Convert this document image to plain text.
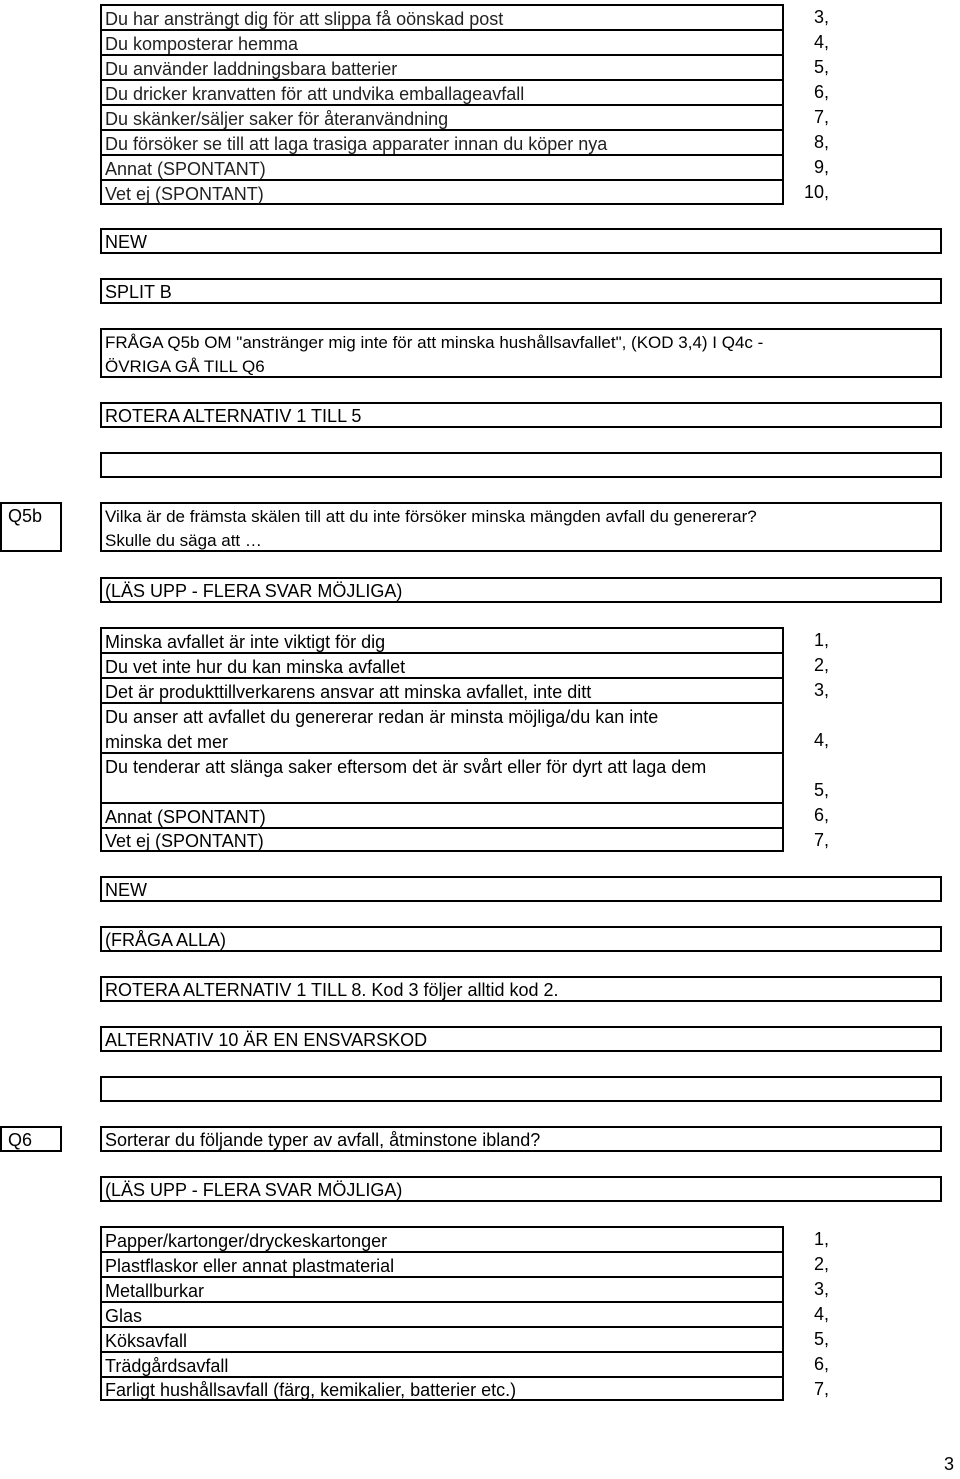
Du har ansträngt dig för att slippa få oönskad post
Du komposterar hemma
Du använder laddningsbara batterier
Du dricker kranvatten för att undvika emballageavfall
Du skänker/säljer saker för återanvändning
Du försöker se till att laga trasiga apparater innan du köper nya
Annat (SPONTANT)
Vet ej (SPONTANT)
3,
4,
5,
6,
7,
8,
9,
10,
NEW
SPLIT B
FRÅGA Q5b OM "anstränger mig inte för att minska hushållsavfallet", (KOD 3,4) I Q4c -
ÖVRIGA GÅ TILL Q6
ROTERA ALTERNATIV 1 TILL 5
Q5b	Vilka är de främsta skälen till att du inte försöker minska mängden avfall du genererar?
Skulle du säga att …
(LÄS UPP - FLERA SVAR MÖJLIGA)
Minska avfallet är inte viktigt för dig
Du vet inte hur du kan minska avfallet
Det är produkttillverkarens ansvar att minska avfallet, inte ditt
Du anser att avfallet du genererar redan är minsta möjliga/du kan inte
minska det mer
Du tenderar att slänga saker eftersom det är svårt eller för dyrt att laga dem
Annat (SPONTANT)
Vet ej (SPONTANT)
1,
2,
3,
4,
5,
6,
7,
NEW
(FRÅGA ALLA)
ROTERA ALTERNATIV 1 TILL 8. Kod 3 följer alltid kod 2.
ALTERNATIV 10 ÄR EN ENSVARSKOD
Q6	Sorterar du följande typer av avfall, åtminstone ibland?
(LÄS UPP - FLERA SVAR MÖJLIGA)
Papper/kartonger/dryckeskartonger
Plastflaskor eller annat plastmaterial
Metallburkar
Glas
Köksavfall
Trädgårdsavfall
Farligt hushållsavfall (färg, kemikalier, batterier etc.)
1,
2,
3,
4,
5,
6,
7,
3
